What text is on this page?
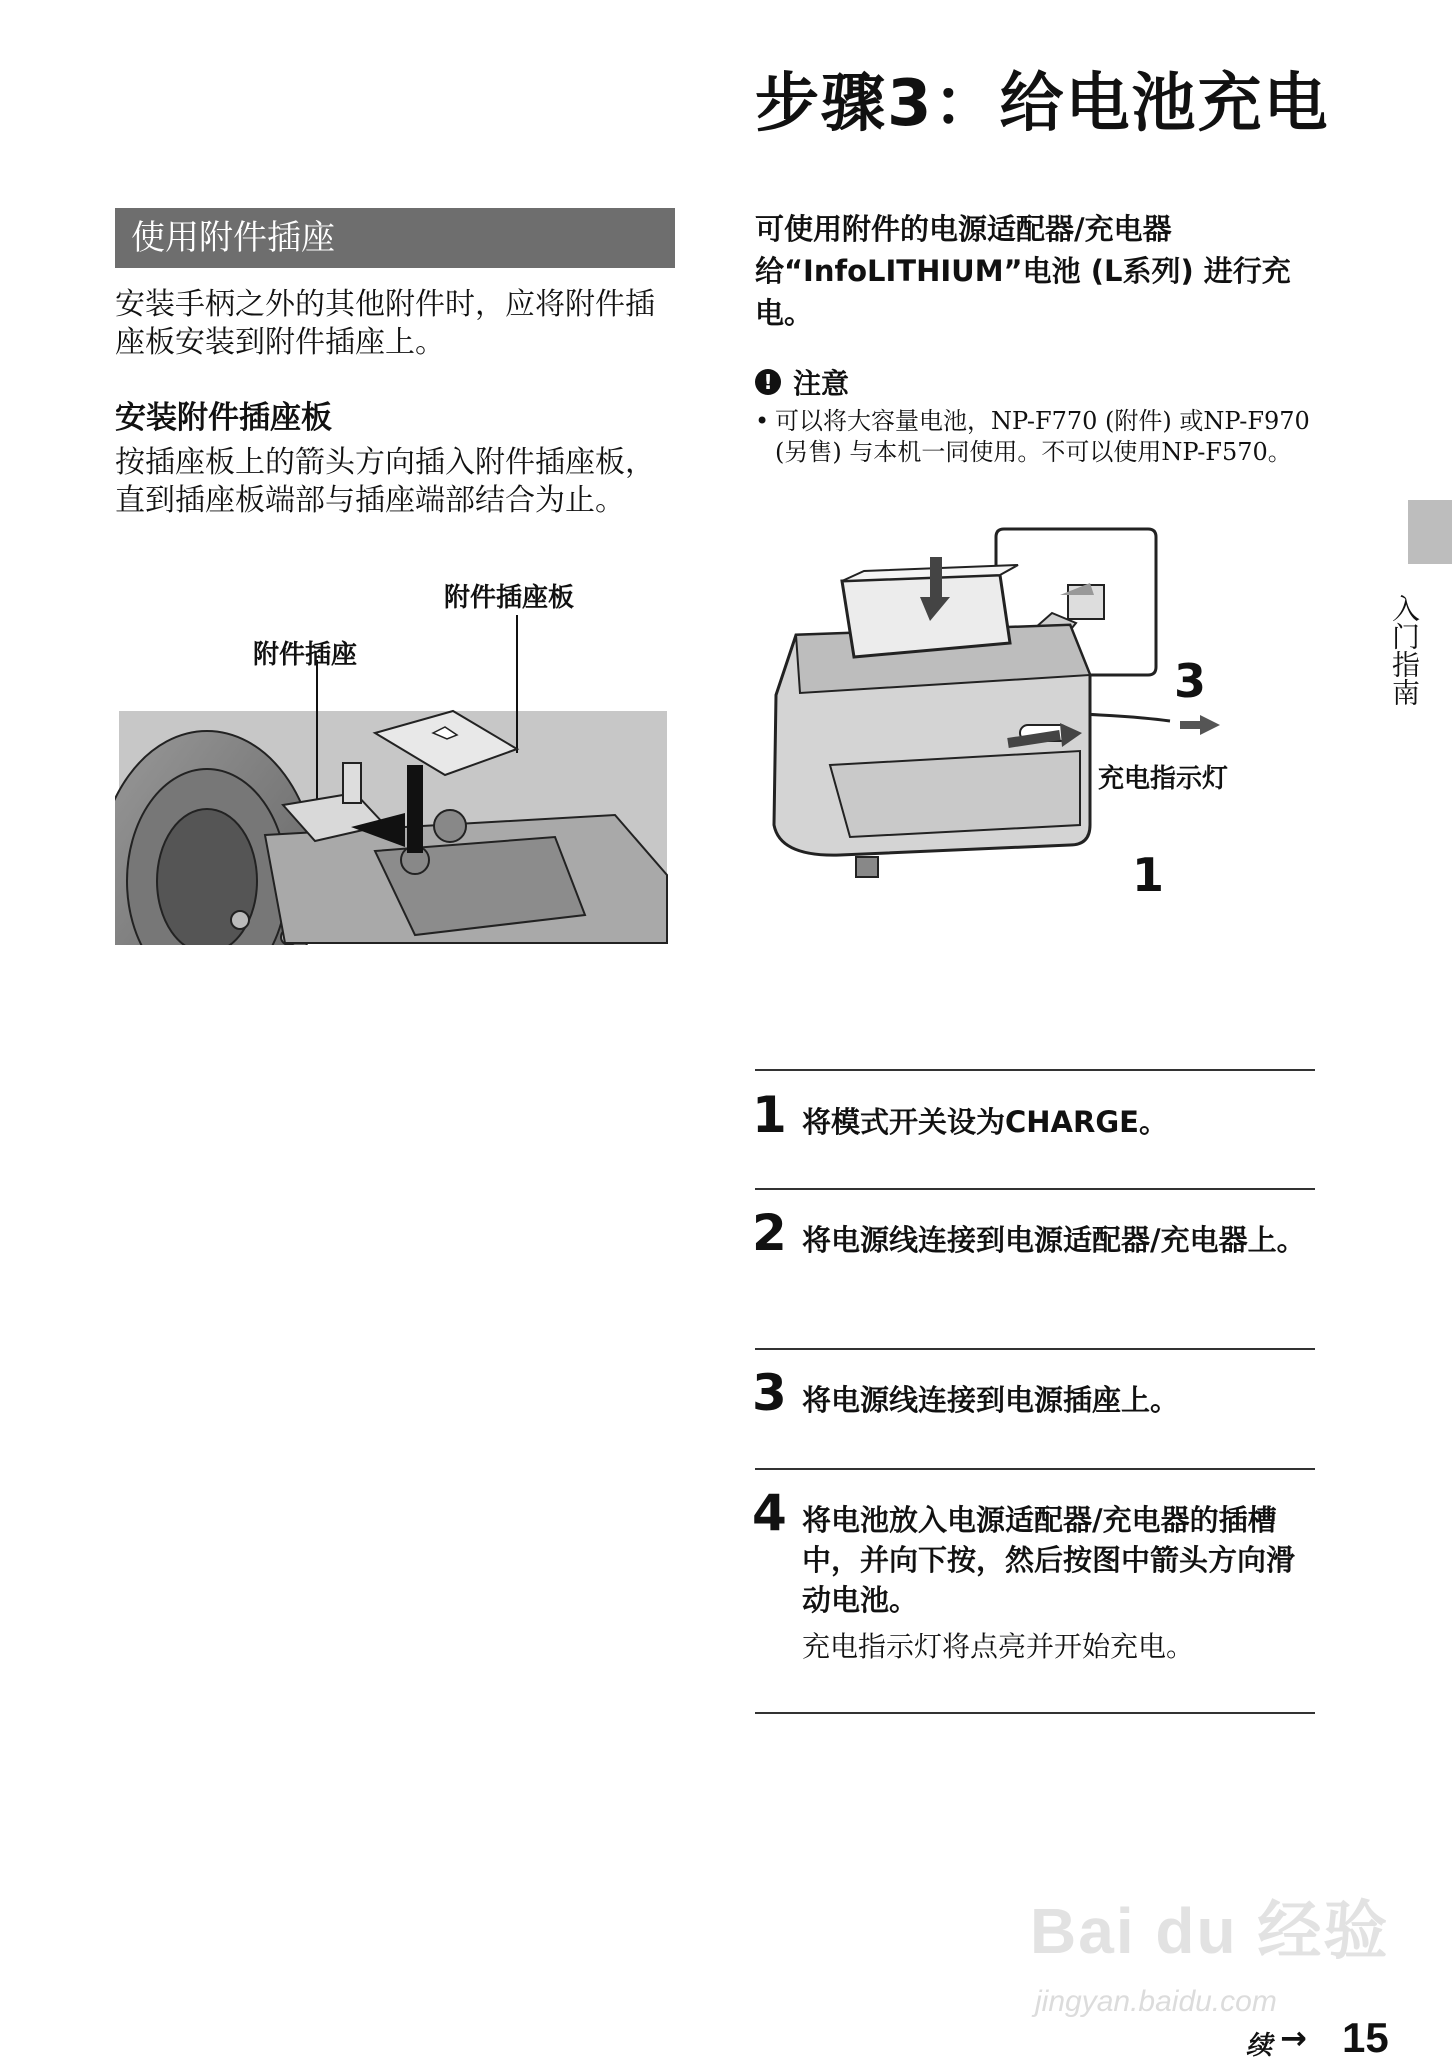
步骤3：给电池充电
使用附件插座
安装手柄之外的其他附件时，应将附件插座板安装到附件插座上。
安装附件插座板
按插座板上的箭头方向插入附件插座板，直到插座板端部与插座端部结合为止。
附件插座板
附件插座
可使用附件的电源适配器/充电器给“InfoLITHIUM”电池 (L系列) 进行充电。
! 注意
• 可以将大容量电池，NP-F770 (附件) 或NP-F970 (另售) 与本机一同使用。不可以使用NP-F570。
3
1
充电指示灯
1 将模式开关设为CHARGE。
2 将电源线连接到电源适配器/充电器上。
3 将电源线连接到电源插座上。
4 将电池放入电源适配器/充电器的插槽中，并向下按，然后按图中箭头方向滑动电池。
充电指示灯将点亮并开始充电。
入门指南
Bai du 经验
jingyan.baidu.com
续 → 15
